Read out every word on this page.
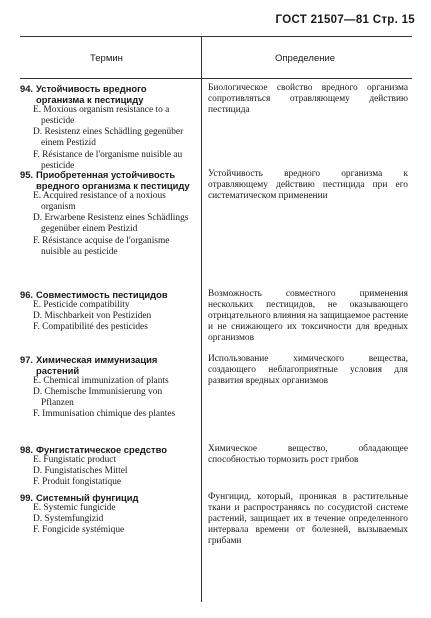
ГОСТ 21507—81 Стр. 15
Термин	Определение
94. Устойчивость вредного организма к пестициду
E. Moxious organism resistance to a pesticide
D. Resistenz eines Schädling gegenüber einem Pestizid
F. Résistance de l'organisme nuisible au pesticide
Биологическое свойство вредного организма сопротивляться отравляющему действию пестицида
95. Приобретенная устойчивость вредного организма к пестициду
E. Acquired resistance of a noxious organism
D. Erwarbene Resistenz eines Schädlings gegenüber einem Pestizid
F. Résistance acquise de l'organisme nuisible au pesticide
Устойчивость вредного организма к отравляющему действию пестицида при его систематическом применении
96. Совместимость пестицидов
E. Pesticide compatibility
D. Mischbarkeit von Pestiziden
F. Compatibilité des pesticides
Возможность совместного применения нескольких пестицидов, не оказывающего отрицательного влияния на защищаемое растение и не снижающего их токсичности для вредных организмов
97. Химическая иммунизация растений
E. Chemical immunization of plants
D. Chemische Immunisierung von Pflanzen
F. Immunisation chimique des plantes
Использование химического вещества, создающего неблагоприятные условия для развития вредных организмов
98. Фунгистатическое средство
E. Fungistatic product
D. Fungistatisches Mittel
F. Produit fongistatique
Химическое вещество, обладающее способностью тормозить рост грибов
99. Системный фунгицид
E. Systemic fungicide
D. Systemfungizid
F. Fongicide systémique
Фунгицид, который, проникая в растительные ткани и распространяясь по сосудистой системе растений, защищает их в течение определенного интервала времени от болезней, вызываемых грибами
